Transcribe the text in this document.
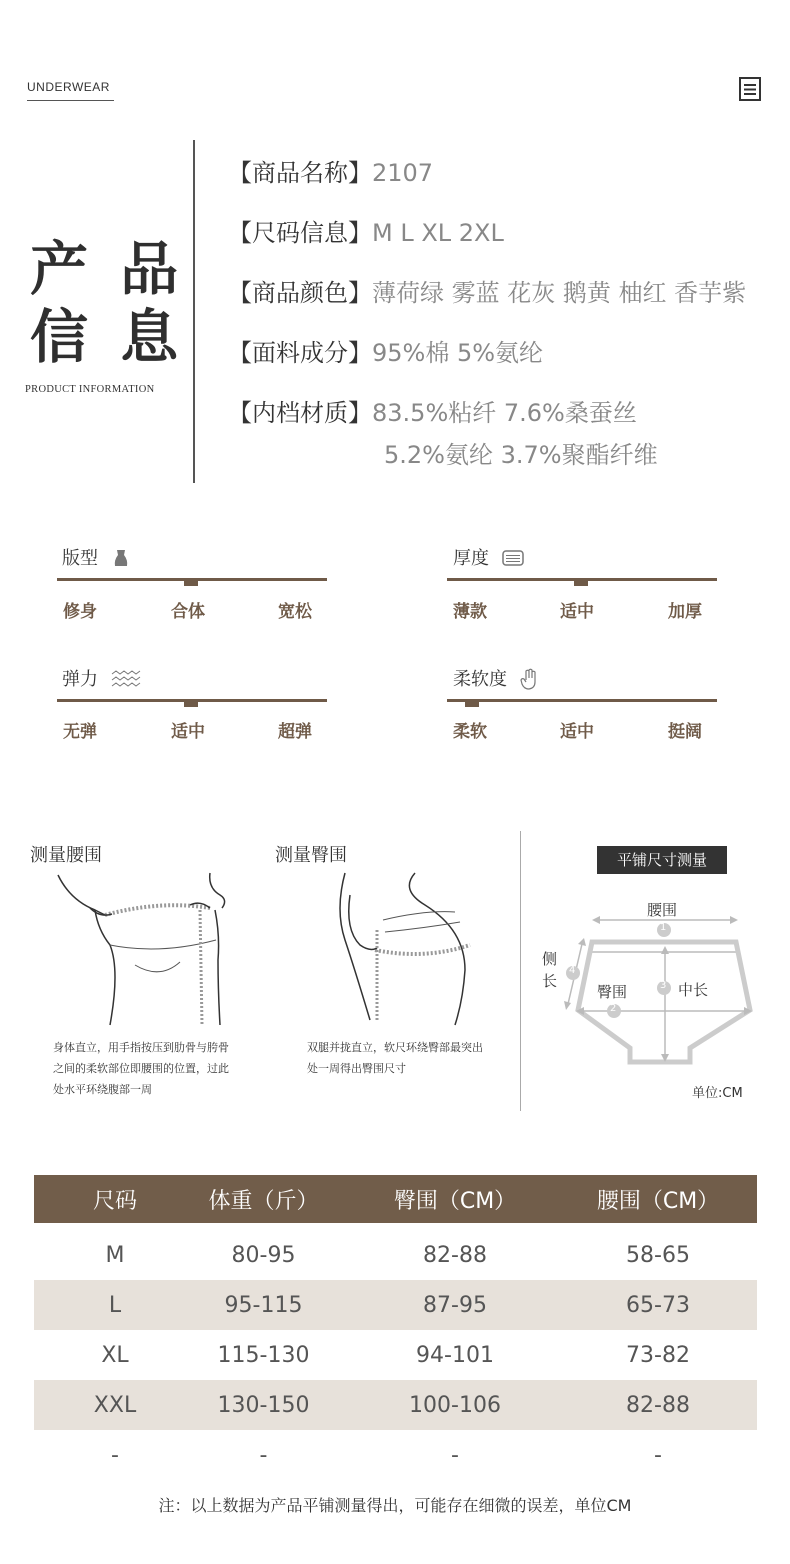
UNDERWEAR
产 品
信 息
PRODUCT INFORMATION
【商品名称】2107
【尺码信息】M L XL 2XL
【商品颜色】薄荷绿 雾蓝 花灰 鹅黄 柚红 香芋紫
【面料成分】95%棉 5%氨纶
【内档材质】83.5%粘纤 7.6%桑蚕丝
5.2%氨纶 3.7%聚酯纤维
版型
修身	合体	宽松
厚度
薄款	适中	加厚
弹力
无弹	适中	超弹
柔软度
柔软	适中	挺阔
测量腰围
身体直立，用手指按压到肋骨与胯骨
之间的柔软部位即腰围的位置，过此
处水平环绕腹部一周
测量臀围
双腿并拢直立，软尺环绕臀部最突出
处一周得出臀围尺寸
平铺尺寸测量
腰围
侧
长
臀围	中长
1
2
3
4
单位:CM
尺码	体重（斤）	臀围（CM）	腰围（CM）
M	80-95	82-88	58-65
L	95-115	87-95	65-73
XL	115-130	94-101	73-82
XXL	130-150	100-106	82-88
-	-	-	-
注：以上数据为产品平铺测量得出，可能存在细微的误差，单位CM
